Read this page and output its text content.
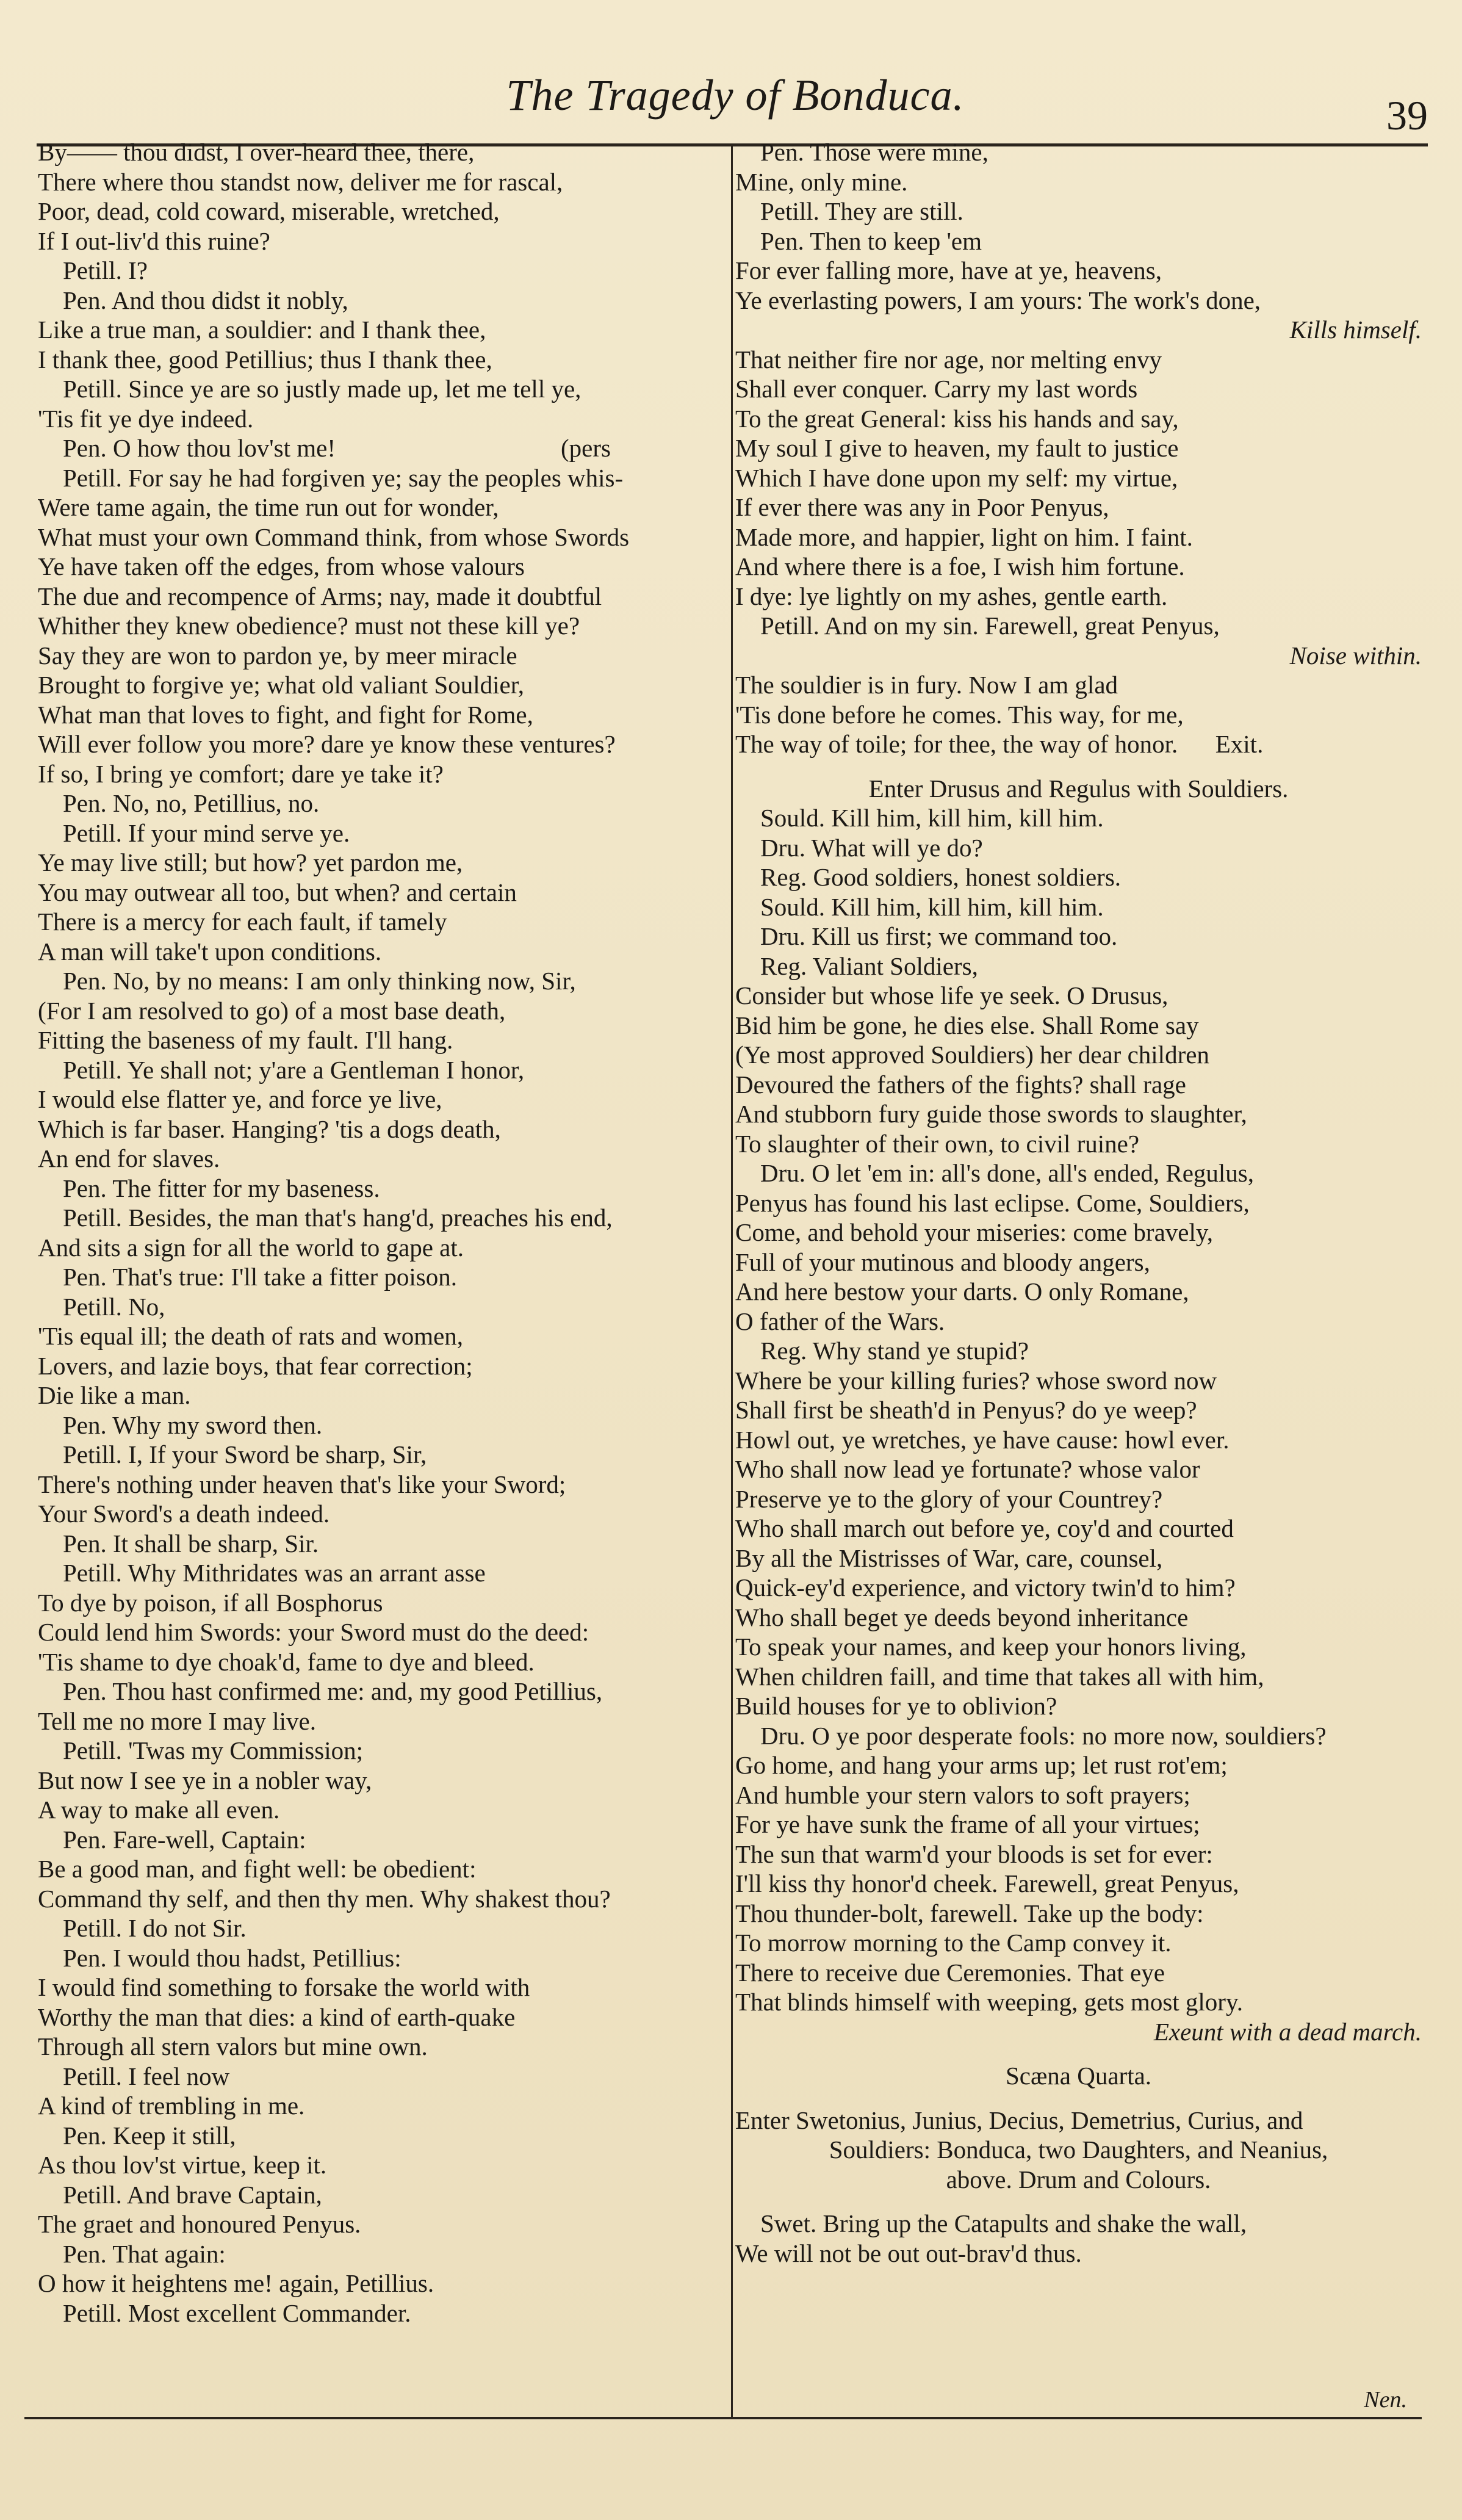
The Tragedy of Bonduca.	39
By—— thou didst, I over-heard thee, there,
There where thou standst now, deliver me for rascal,
Poor, dead, cold coward, miserable, wretched,
If I out-liv'd this ruine?
Petill. I?
Pen. And thou didst it nobly,
Like a true man, a souldier: and I thank thee,
I thank thee, good Petillius; thus I thank thee,
Petill. Since ye are so justly made up, let me tell ye,
'Tis fit ye dye indeed.
Pen. O how thou lov'st me!                                    (pers
Petill. For say he had forgiven ye; say the peoples whis-
Were tame again, the time run out for wonder,
What must your own Command think, from whose Swords
Ye have taken off the edges, from whose valours
The due and recompence of Arms; nay, made it doubtful
Whither they knew obedience? must not these kill ye?
Say they are won to pardon ye, by meer miracle
Brought to forgive ye; what old valiant Souldier,
What man that loves to fight, and fight for Rome,
Will ever follow you more? dare ye know these ventures?
If so, I bring ye comfort; dare ye take it?
Pen. No, no, Petillius, no.
Petill. If your mind serve ye.
Ye may live still; but how? yet pardon me,
You may outwear all too, but when? and certain
There is a mercy for each fault, if tamely
A man will take't upon conditions.
Pen. No, by no means: I am only thinking now, Sir,
(For I am resolved to go) of a most base death,
Fitting the baseness of my fault. I'll hang.
Petill. Ye shall not; y'are a Gentleman I honor,
I would else flatter ye, and force ye live,
Which is far baser. Hanging? 'tis a dogs death,
An end for slaves.
Pen. The fitter for my baseness.
Petill. Besides, the man that's hang'd, preaches his end,
And sits a sign for all the world to gape at.
Pen. That's true: I'll take a fitter poison.
Petill. No,
'Tis equal ill; the death of rats and women,
Lovers, and lazie boys, that fear correction;
Die like a man.
Pen. Why my sword then.
Petill. I, If your Sword be sharp, Sir,
There's nothing under heaven that's like your Sword;
Your Sword's a death indeed.
Pen. It shall be sharp, Sir.
Petill. Why Mithridates was an arrant asse
To dye by poison, if all Bosphorus
Could lend him Swords: your Sword must do the deed:
'Tis shame to dye choak'd, fame to dye and bleed.
Pen. Thou hast confirmed me: and, my good Petillius,
Tell me no more I may live.
Petill. 'Twas my Commission;
But now I see ye in a nobler way,
A way to make all even.
Pen. Fare-well, Captain:
Be a good man, and fight well: be obedient:
Command thy self, and then thy men. Why shakest thou?
Petill. I do not Sir.
Pen. I would thou hadst, Petillius:
I would find something to forsake the world with
Worthy the man that dies: a kind of earth-quake
Through all stern valors but mine own.
Petill. I feel now
A kind of trembling in me.
Pen. Keep it still,
As thou lov'st virtue, keep it.
Petill. And brave Captain,
The graet and honoured Penyus.
Pen. That again:
O how it heightens me! again, Petillius.
Petill. Most excellent Commander.
Pen. Those were mine,
Mine, only mine.
Petill. They are still.
Pen. Then to keep 'em
For ever falling more, have at ye, heavens,
Ye everlasting powers, I am yours: The work's done,
Kills himself.
That neither fire nor age, nor melting envy
Shall ever conquer. Carry my last words
To the great General: kiss his hands and say,
My soul I give to heaven, my fault to justice
Which I have done upon my self: my virtue,
If ever there was any in Poor Penyus,
Made more, and happier, light on him. I faint.
And where there is a foe, I wish him fortune.
I dye: lye lightly on my ashes, gentle earth.
Petill. And on my sin. Farewell, great Penyus,
Noise within.
The souldier is in fury. Now I am glad
'Tis done before he comes. This way, for me,
The way of toile; for thee, the way of honor.      Exit.
Enter Drusus and Regulus with Souldiers.
Sould. Kill him, kill him, kill him.
Dru. What will ye do?
Reg. Good soldiers, honest soldiers.
Sould. Kill him, kill him, kill him.
Dru. Kill us first; we command too.
Reg. Valiant Soldiers,
Consider but whose life ye seek. O Drusus,
Bid him be gone, he dies else. Shall Rome say
(Ye most approved Souldiers) her dear children
Devoured the fathers of the fights? shall rage
And stubborn fury guide those swords to slaughter,
To slaughter of their own, to civil ruine?
Dru. O let 'em in: all's done, all's ended, Regulus,
Penyus has found his last eclipse. Come, Souldiers,
Come, and behold your miseries: come bravely,
Full of your mutinous and bloody angers,
And here bestow your darts. O only Romane,
O father of the Wars.
Reg. Why stand ye stupid?
Where be your killing furies? whose sword now
Shall first be sheath'd in Penyus? do ye weep?
Howl out, ye wretches, ye have cause: howl ever.
Who shall now lead ye fortunate? whose valor
Preserve ye to the glory of your Countrey?
Who shall march out before ye, coy'd and courted
By all the Mistrisses of War, care, counsel,
Quick-ey'd experience, and victory twin'd to him?
Who shall beget ye deeds beyond inheritance
To speak your names, and keep your honors living,
When children faill, and time that takes all with him,
Build houses for ye to oblivion?
Dru. O ye poor desperate fools: no more now, souldiers?
Go home, and hang your arms up; let rust rot'em;
And humble your stern valors to soft prayers;
For ye have sunk the frame of all your virtues;
The sun that warm'd your bloods is set for ever:
I'll kiss thy honor'd cheek. Farewell, great Penyus,
Thou thunder-bolt, farewell. Take up the body:
To morrow morning to the Camp convey it.
There to receive due Ceremonies. That eye
That blinds himself with weeping, gets most glory.
Exeunt with a dead march.
Scæna Quarta.
Enter Swetonius, Junius, Decius, Demetrius, Curius, and
Souldiers: Bonduca, two Daughters, and Neanius,
above. Drum and Colours.
Swet. Bring up the Catapults and shake the wall,
We will not be out out-brav'd thus.
Nen.
